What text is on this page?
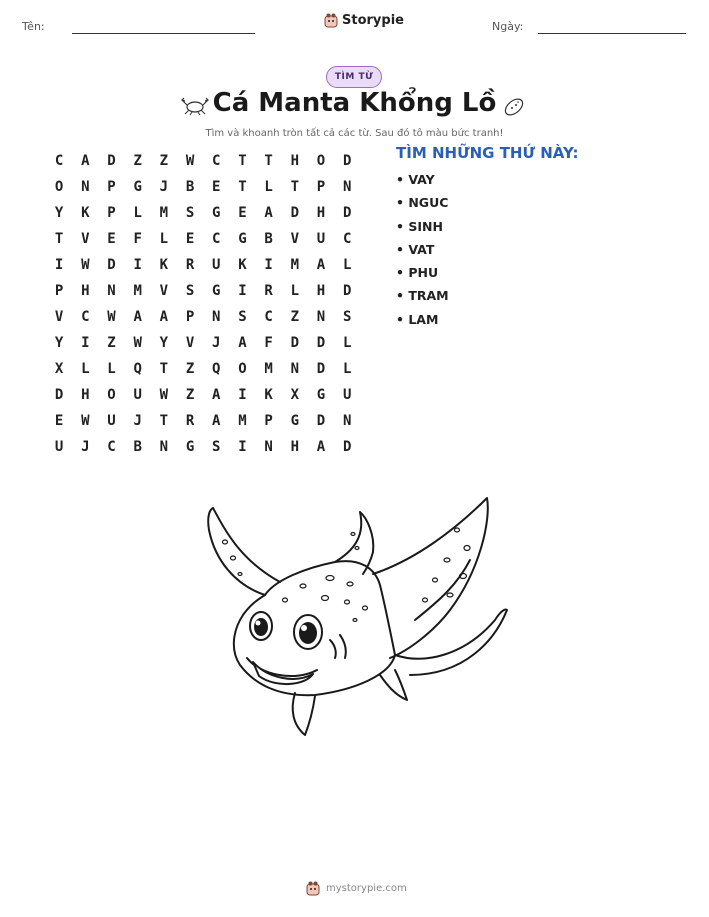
Tên:	Storypie	Ngày:
TÌM TỪ
Cá Manta Khổng Lồ
Tìm và khoanh tròn tất cả các từ. Sau đó tô màu bức tranh!
C	A	D	Z	Z	W	C	T	T	H	O	D
O	N	P	G	J	B	E	T	L	T	P	N
Y	K	P	L	M	S	G	E	A	D	H	D
T	V	E	F	L	E	C	G	B	V	U	C
I	W	D	I	K	R	U	K	I	M	A	L
P	H	N	M	V	S	G	I	R	L	H	D
V	C	W	A	A	P	N	S	C	Z	N	S
Y	I	Z	W	Y	V	J	A	F	D	D	L
X	L	L	Q	T	Z	Q	O	M	N	D	L
D	H	O	U	W	Z	A	I	K	X	G	U
E	W	U	J	T	R	A	M	P	G	D	N
U	J	C	B	N	G	S	I	N	H	A	D
TÌM NHỮNG THỨ NÀY:
• VAY
• NGUC
• SINH
• VAT
• PHU
• TRAM
• LAM
mystorypie.com
